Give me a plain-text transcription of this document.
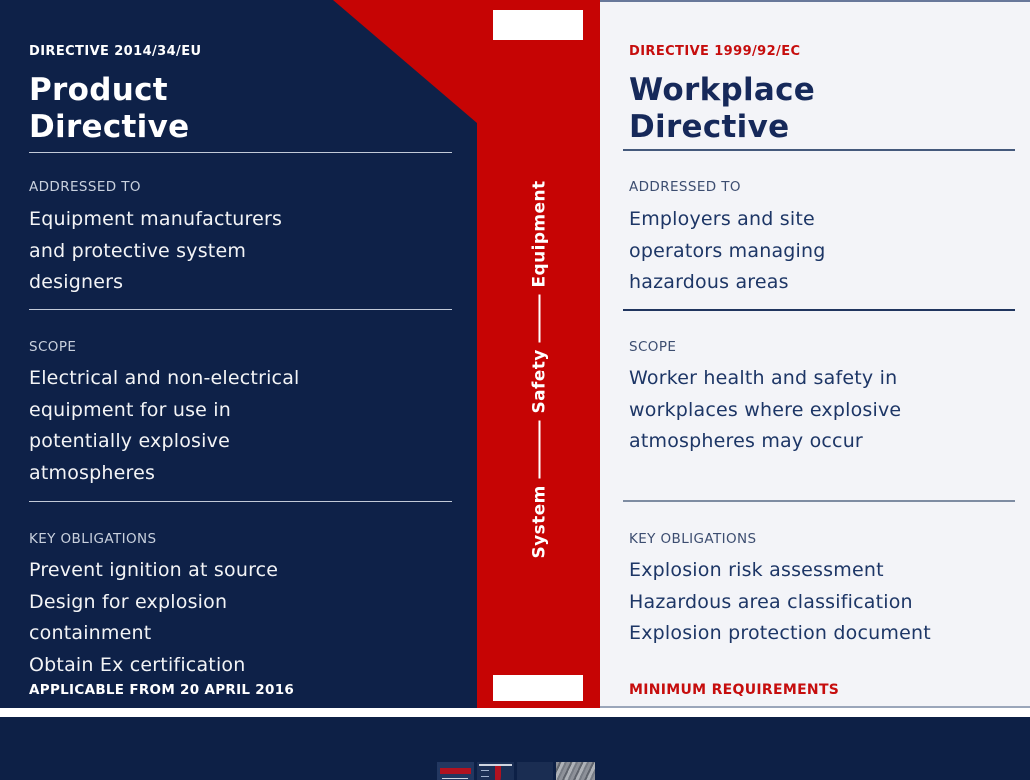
DIRECTIVE 2014/34/EU
Product
Directive
ADDRESSED TO
Equipment manufacturers
and protective system
designers
SCOPE
Electrical and non-electrical
equipment for use in
potentially explosive
atmospheres
KEY OBLIGATIONS
Prevent ignition at source
Design for explosion
containment
Obtain Ex certification
APPLICABLE FROM 20 APRIL 2016
System
Safety
Equipment
DIRECTIVE 1999/92/EC
Workplace
Directive
ADDRESSED TO
Employers and site
operators managing
hazardous areas
SCOPE
Worker health and safety in
workplaces where explosive
atmospheres may occur
KEY OBLIGATIONS
Explosion risk assessment
Hazardous area classification
Explosion protection document
MINIMUM REQUIREMENTS
